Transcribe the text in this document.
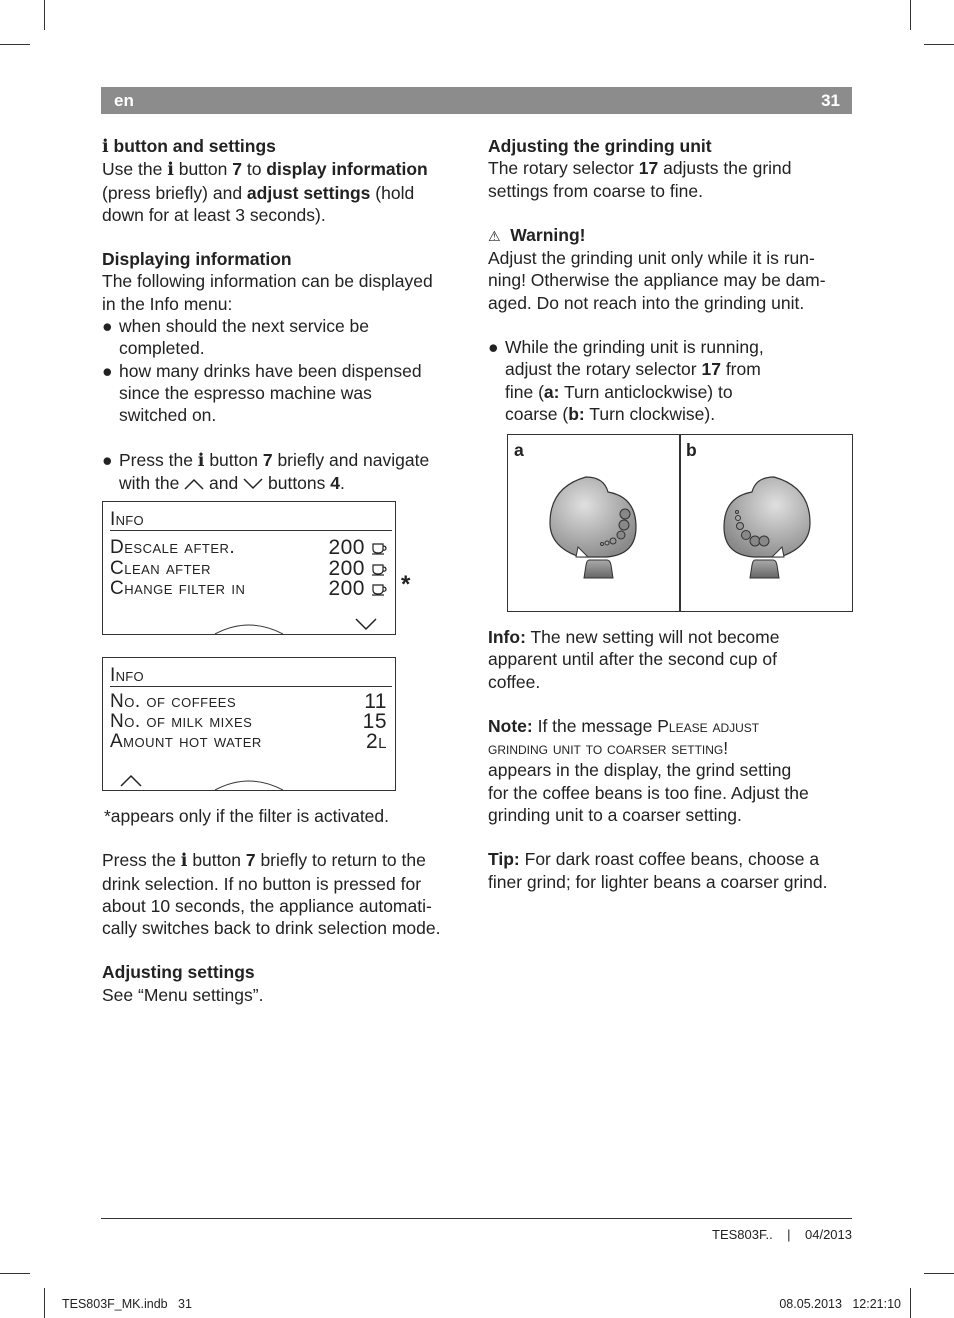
en	31

i button and settings

Use the i button 7 to display information
(press briefly) and adjust settings (hold
down for at least 3 seconds).

Displaying information

The following information can be displayed
in the Info menu:

● when should the next service be
completed.
● how many drinks have been dispensed
since the espresso machine was
switched on.
● Press the i button 7 briefly and navigate
with the  and  buttons 4.
Info
Descale after.	200
Clean after	200
Change filter in	200 *
Info
No. of coffees	11
No. of milk mixes	15
Amount hot water	2l

*appears only if the filter is activated.

Press the i button 7 briefly to return to the
drink selection. If no button is pressed for
about 10 seconds, the appliance automati-
cally switches back to drink selection mode.

Adjusting settings

See “Menu settings”.

Adjusting the grinding unit

The rotary selector 17 adjusts the grind
settings from coarse to fine.

⚠ Warning!

Adjust the grinding unit only while it is run-
ning! Otherwise the appliance may be dam-
aged. Do not reach into the grinding unit.

● While the grinding unit is running,
adjust the rotary selector 17 from
fine (a: Turn anticlockwise) to
coarse (b: Turn clockwise).
a	b

Info: The new setting will not become
apparent until after the second cup of
coffee.

Note: If the message Please adjust
grinding unit to coarser setting!
appears in the display, the grind setting
for the coffee beans is too fine. Adjust the
grinding unit to a coarser setting.

Tip: For dark roast coffee beans, choose a
finer grind; for lighter beans a coarser grind.

TES803F.. | 04/2013
TES803F_MK.indb   31	08.05.2013   12:21:10
